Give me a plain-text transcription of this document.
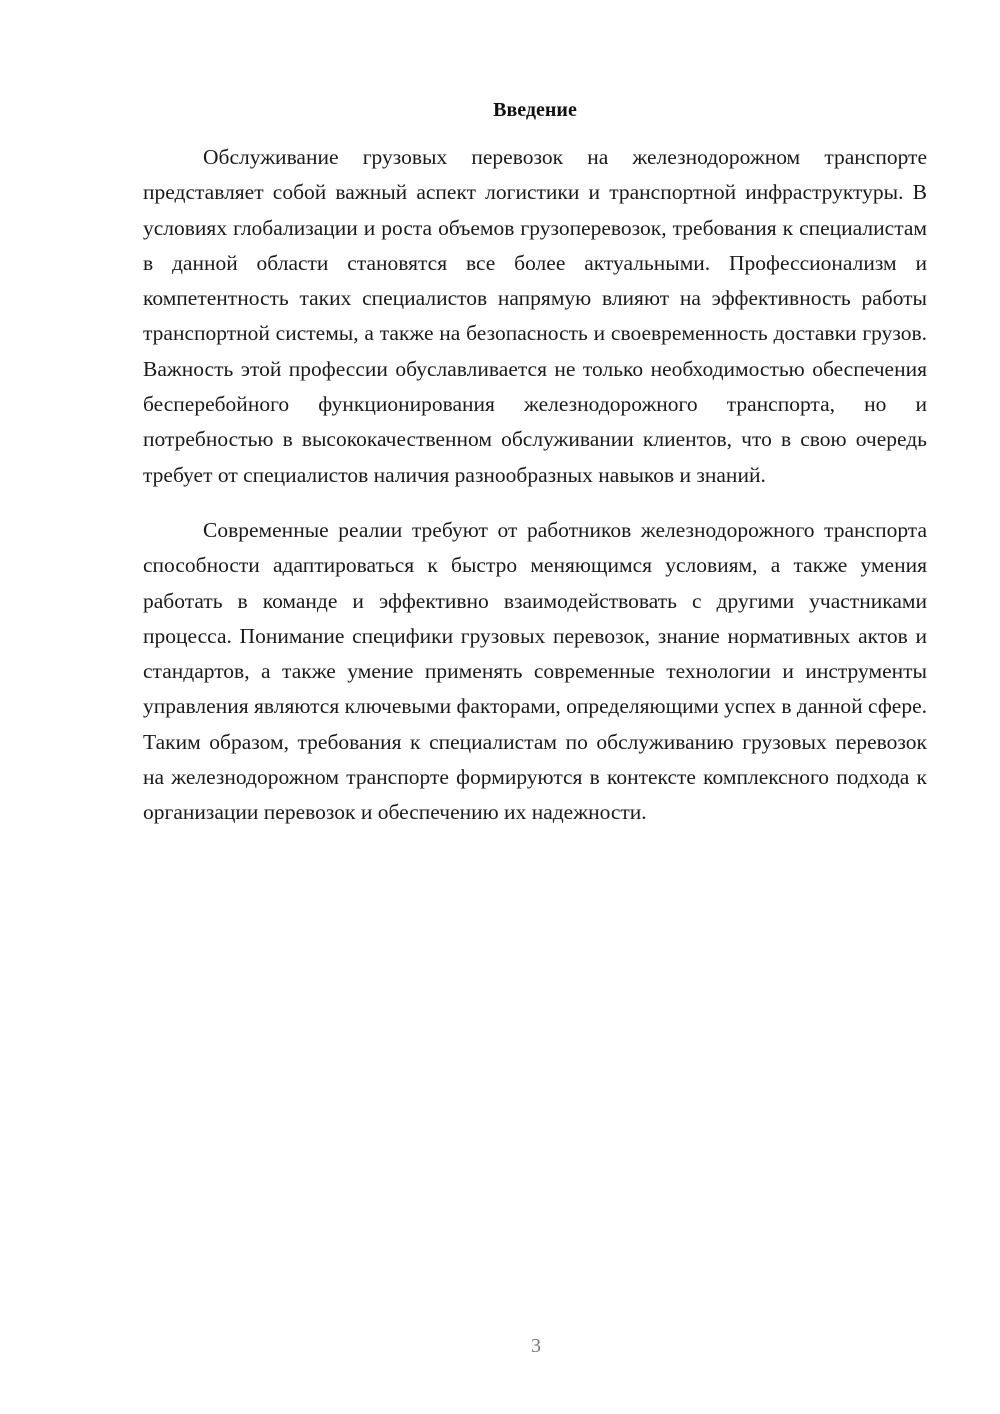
Введение

Обслуживание грузовых перевозок на железнодорожном транспорте представляет собой важный аспект логистики и транспортной инфраструктуры. В условиях глобализации и роста объемов грузоперевозок, требования к специалистам в данной области становятся все более актуальными. Профессионализм и компетентность таких специалистов напрямую влияют на эффективность работы транспортной системы, а также на безопасность и своевременность доставки грузов. Важность этой профессии обуславливается не только необходимостью обеспечения бесперебойного функционирования железнодорожного транспорта, но и потребностью в высококачественном обслуживании клиентов, что в свою очередь требует от специалистов наличия разнообразных навыков и знаний.

Современные реалии требуют от работников железнодорожного транспорта способности адаптироваться к быстро меняющимся условиям, а также умения работать в команде и эффективно взаимодействовать с другими участниками процесса. Понимание специфики грузовых перевозок, знание нормативных актов и стандартов, а также умение применять современные технологии и инструменты управления являются ключевыми факторами, определяющими успех в данной сфере. Таким образом, требования к специалистам по обслуживанию грузовых перевозок на железнодорожном транспорте формируются в контексте комплексного подхода к организации перевозок и обеспечению их надежности.

3
